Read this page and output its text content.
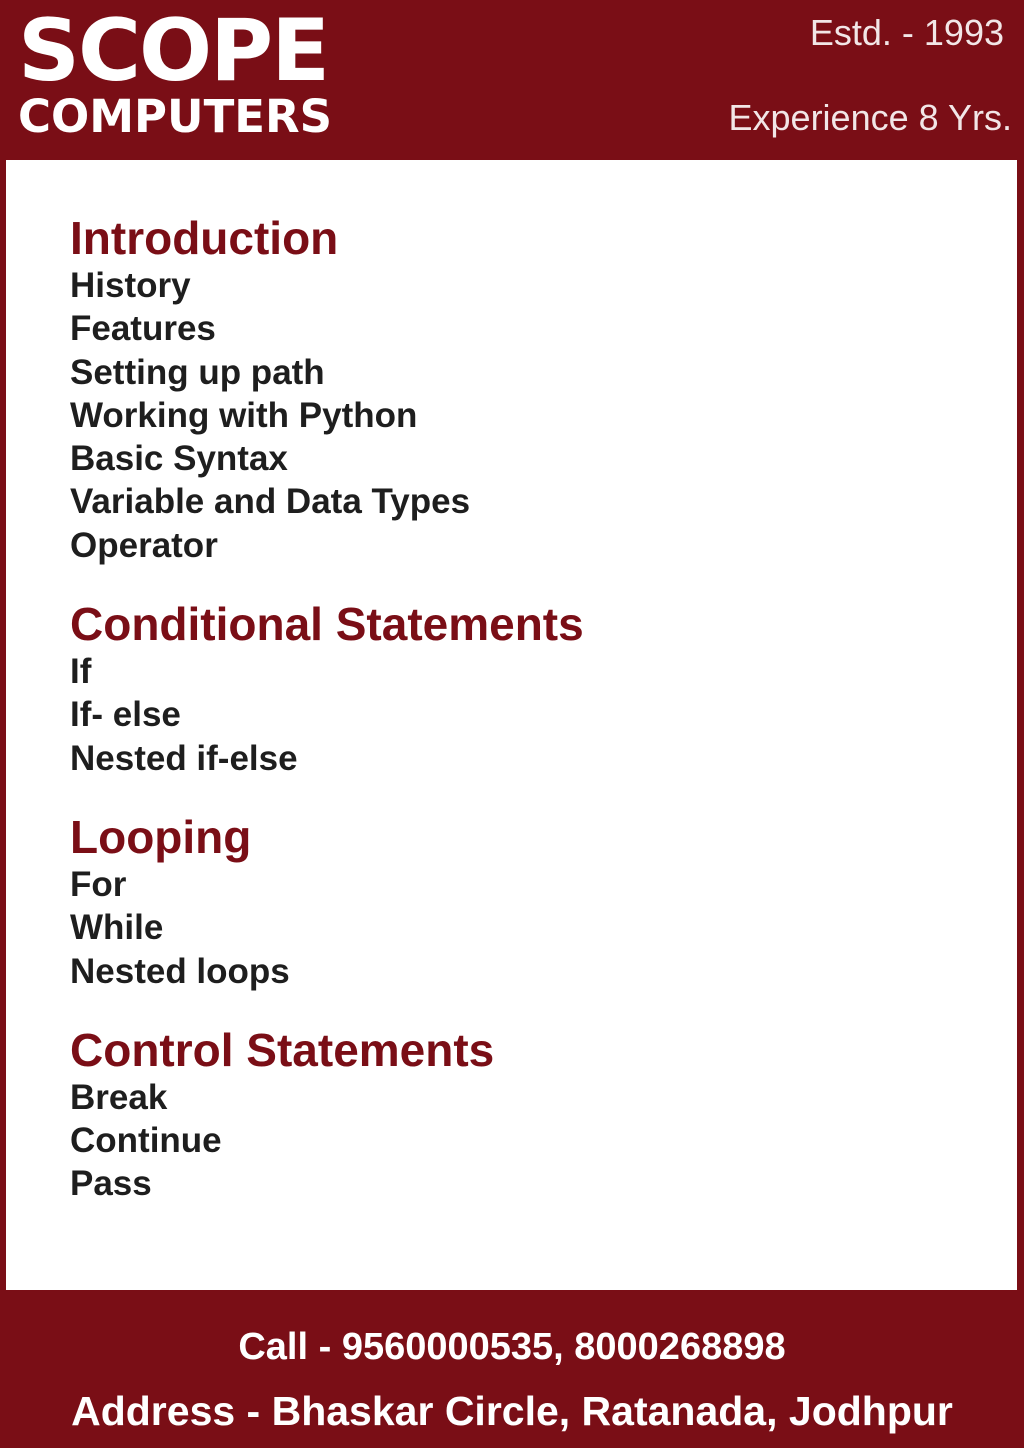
SCOPE
COMPUTERS
Estd. - 1993
Experience 8 Yrs.
Introduction
History
Features
Setting up path
Working with Python
Basic Syntax
Variable and Data Types
Operator
Conditional Statements
If
If- else
Nested if-else
Looping
For
While
Nested loops
Control Statements
Break
Continue
Pass
Call - 9560000535, 8000268898
Address - Bhaskar Circle, Ratanada, Jodhpur
